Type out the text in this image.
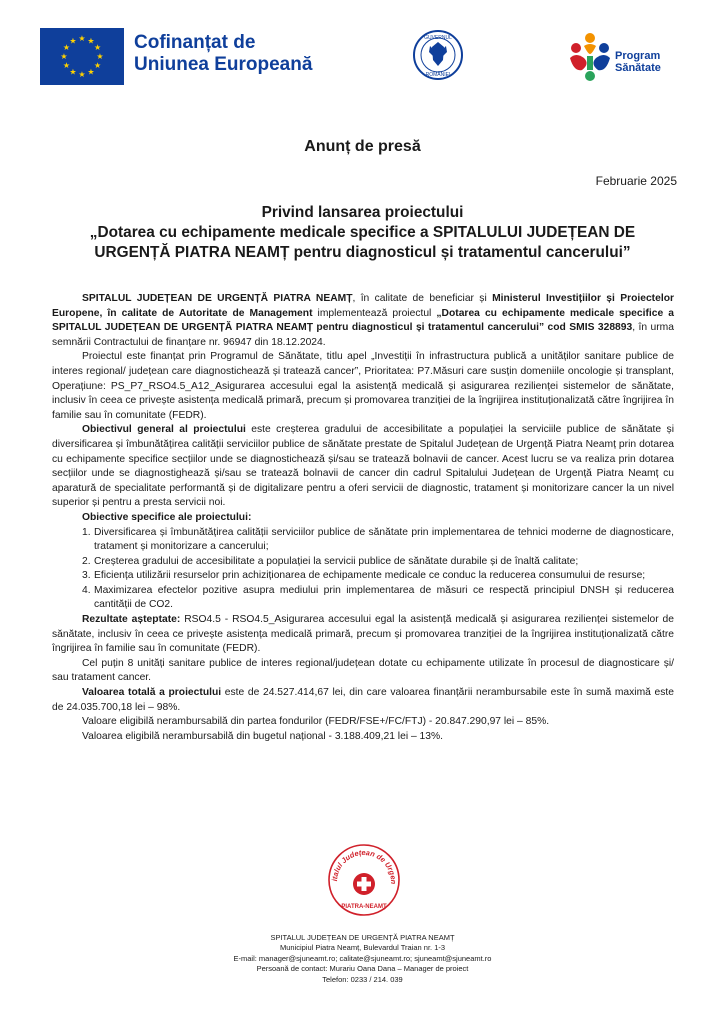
★ ★
★
★
★
★
★
★
★
★
★
★	Cofinanțat de
Uniunea Europeană
GUVERNUL
ROMÂNIEI
Program
Sănătate
Anunț de presă
Februarie 2025
Privind lansarea proiectului
„Dotarea cu echipamente medicale specifice a SPITALULUI JUDEȚEAN DE
URGENȚĂ PIATRA NEAMȚ pentru diagnosticul și tratamentul cancerului”

SPITALUL JUDEȚEAN DE URGENȚĂ PIATRA NEAMȚ, în calitate de beneficiar și Ministerul Investițiilor și Proiectelor Europene, în calitate de Autoritate de Management implementează proiectul „Dotarea cu echipamente medicale specifice a SPITALUL JUDEȚEAN DE URGENȚĂ PIATRA NEAMȚ pentru diagnosticul și tratamentul cancerului” cod SMIS 328893, în urma semnării Contractului de finanțare nr. 96947 din 18.12.2024.

Proiectul este finanțat prin Programul de Sănătate, titlu apel „Investiții în infrastructura publică a unităților sanitare publice de interes regional/ județean care diagnostichează și tratează cancer”, Prioritatea: P7.Măsuri care susțin domeniile oncologie și transplant, Operațiune: PS_P7_RSO4.5_A12_Asigurarea accesului egal la asistență medicală și asigurarea rezilienței sistemelor de sănătate, inclusiv în ceea ce privește asistența medicală primară, precum și promovarea tranziției de la îngrijirea instituționalizată către îngrijirea în familie sau în comunitate (FEDR).

Obiectivul general al proiectului este creșterea gradului de accesibilitate a populației la serviciile publice de sănătate și diversificarea și îmbunătățirea calității serviciilor publice de sănătate prestate de Spitalul Județean de Urgență Piatra Neamț prin dotarea cu echipamente specifice secțiilor unde se diagnostichează și/sau se tratează bolnavii de cancer. Acest lucru se va realiza prin dotarea secțiilor unde se diagnostighează și/sau se tratează bolnavii de cancer din cadrul Spitalului Județean de Urgență Piatra Neamț cu aparatură de specialitate performantă și de digitalizare pentru a oferi servicii de diagnostic, tratament și monitorizare cancer la un nivel superior și pentru a presta servicii noi.

Obiective specifice ale proiectului:
1. Diversificarea și îmbunătățirea calității serviciilor publice de sănătate prin implementarea de tehnici moderne de diagnosticare, tratament și monitorizare a cancerului;
2. Creșterea gradului de accesibilitate a populației la servicii publice de sănătate durabile și de înaltă calitate;
3. Eficiența utilizării resurselor prin achiziționarea de echipamente medicale ce conduc la reducerea consumului de resurse;
4. Maximizarea efectelor pozitive asupra mediului prin implementarea de măsuri ce respectă principiul DNSH și reducerea cantității de CO2.

Rezultate așteptate: RSO4.5 - RSO4.5_Asigurarea accesului egal la asistență medicală și asigurarea rezilienței sistemelor de sănătate, inclusiv în ceea ce privește asistența medicală primară, precum și promovarea tranziției de la îngrijirea instituționalizată către îngrijirea în familie sau în comunitate (FEDR).

Cel puțin 8 unități sanitare publice de interes regional/județean dotate cu echipamente utilizate în procesul de diagnosticare și/ sau tratament cancer.

Valoarea totală a proiectului este de 24.527.414,67 lei, din care valoarea finanțării nerambursabile este în sumă maximă este de 24.035.700,18 lei – 98%.

Valoare eligibilă nerambursabilă din partea fondurilor (FEDR/FSE+/FC/FTJ) - 20.847.290,97 lei – 85%.

Valoarea eligibilă nerambursabilă din bugetul național - 3.188.409,21 lei – 13%.

italul Județean de Urgen
PIATRA-NEAMȚ
SPITALUL JUDEȚEAN DE URGENȚĂ PIATRA NEAMȚ
Municipiul Piatra Neamț, Bulevardul Traian nr. 1-3
E-mail: manager@sjuneamt.ro; calitate@sjuneamt.ro; sjuneamt@sjuneamt.ro
Persoană de contact: Murariu Oana Dana – Manager de proiect
Telefon: 0233 / 214. 039
